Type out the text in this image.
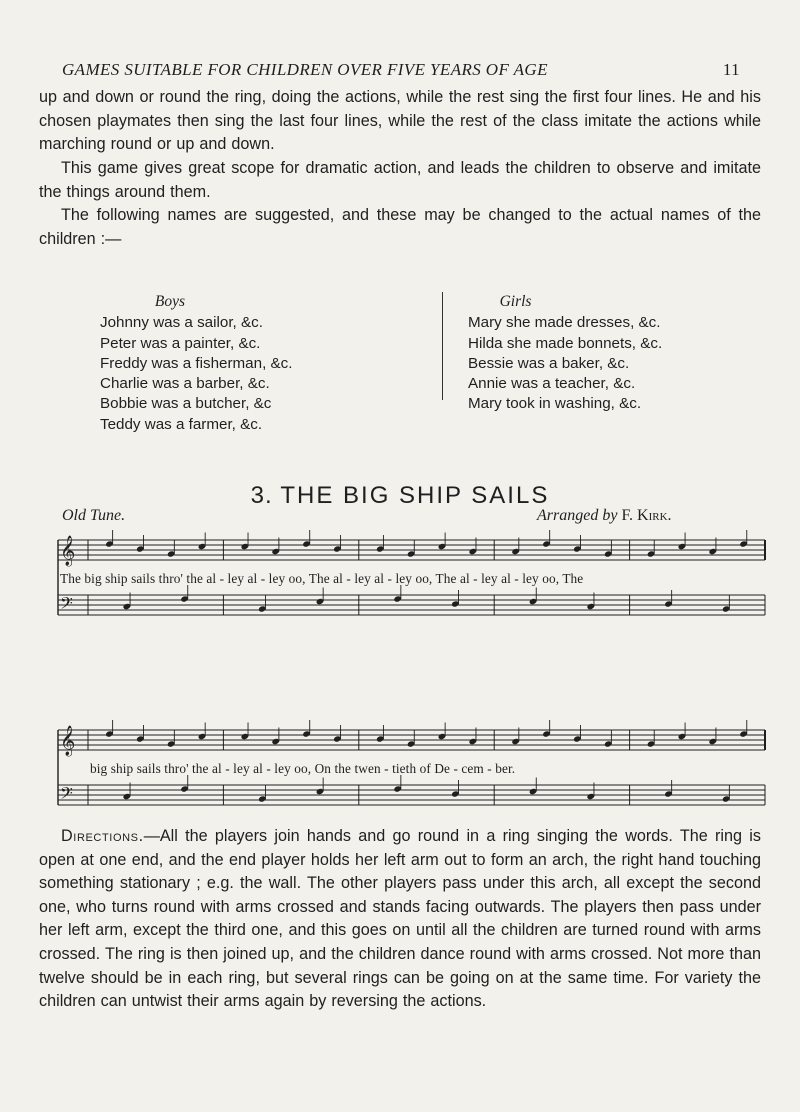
GAMES SUITABLE FOR CHILDREN OVER FIVE YEARS OF AGE	11
up and down or round the ring, doing the actions, while the rest sing the first four lines. He and his chosen playmates then sing the last four lines, while the rest of the class imitate the actions while marching round or up and down.
This game gives great scope for dramatic action, and leads the children to observe and imitate the things around them.
The following names are suggested, and these may be changed to the actual names of the children :—
Boys
Johnny was a sailor, &c.
Peter was a painter, &c.
Freddy was a fisherman, &c.
Charlie was a barber, &c.
Bobbie was a butcher, &c
Teddy was a farmer, &c.
Girls
Mary she made dresses, &c.
Hilda she made bonnets, &c.
Bessie was a baker, &c.
Annie was a teacher, &c.
Mary took in washing, &c.
3. THE BIG SHIP SAILS
Old Tune.	Arranged by F. Kirk.
𝄞
𝄢
𝄞
𝄢
The big ship sails thro' the al - ley al - ley oo, The al - ley al - ley oo, The al - ley al - ley oo, The
big ship sails thro' the al - ley al - ley oo, On the twen - tieth of De - cem - ber.
Directions.—All the players join hands and go round in a ring singing the words. The ring is open at one end, and the end player holds her left arm out to form an arch, the right hand touching something stationary ; e.g. the wall. The other players pass under this arch, all except the second one, who turns round with arms crossed and stands facing outwards. The players then pass under her left arm, except the third one, and this goes on until all the children are turned round with arms crossed. The ring is then joined up, and the children dance round with arms crossed. Not more than twelve should be in each ring, but several rings can be going on at the same time. For variety the children can untwist their arms again by reversing the actions.
